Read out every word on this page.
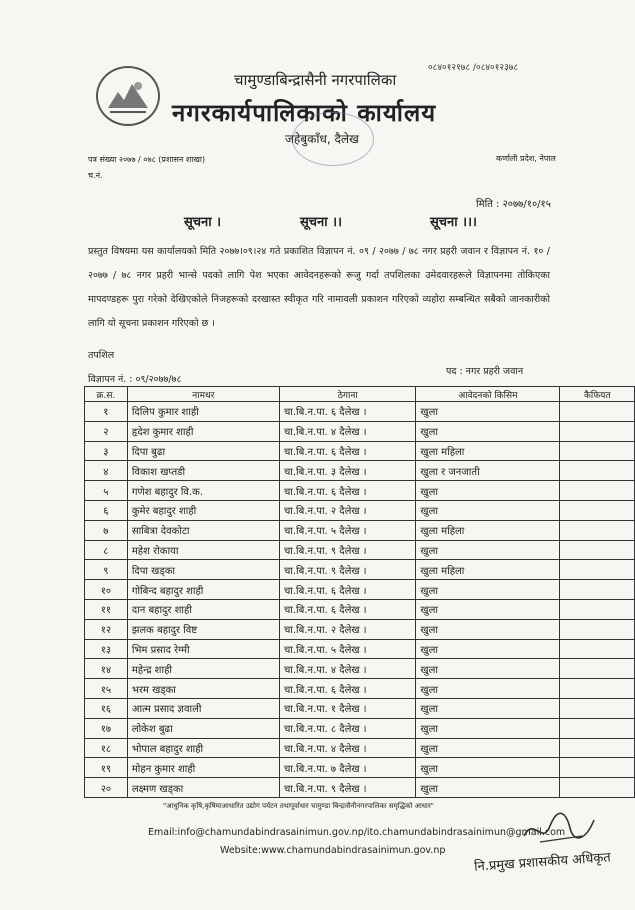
०८४०१२१७८ /०८४०१२३७८
चामुण्डाबिन्द्रासैनी नगरपालिका
नगरकार्यपालिकाको कार्यालय
जहेबुकाँध, दैलेख
पत्र संख्या २०७७ / ०७८ (प्रशासन शाखा)
च.नं.
कर्णाली प्रदेश, नेपाल
मिति : २०७७/१०/१५
सूचना ।	सूचना ।।	सूचना ।।।
प्रस्तुत विषयमा यस कार्यालयको मिति २०७७।०९।२४ गते प्रकाशित विज्ञापन नं. ०९ / २०७७ / ७८ नगर प्रहरी जवान र विज्ञापन नं. १० / २०७७ / ७८ नगर प्रहरी भान्से पदको लागि पेश भएका आवेदनहरूको रूजु गर्दा तपशिलका उमेदवारहरूले विज्ञापनमा तोकिएका मापदण्डहरू पुरा गरेको देखिएकोले निजहरूको दरखास्त स्वीकृत गरि नामावली प्रकाशन गरिएको व्यहोरा सम्बन्धित सबैको जानकारीको लागि यो सूचना प्रकाशन गरिएको छ ।
तपशिल
पद : नगर प्रहरी जवान
विज्ञापन नं. : ०९/२०७७/७८
क्र.स.	नामथर	ठेगाना	आवेदनको किसिम	कैफियत
१	दिलिप कुमार शाही	चा.बि.न.पा. ६ दैलेख ।	खुला	
२	हृदेश कुमार शाही	चा.बि.न.पा. ४ दैलेख ।	खुला	
३	दिपा बुढा	चा.बि.न.पा. ६ दैलेख ।	खुला महिला	
४	विकाश खप्तडी	चा.बि.न.पा. ३ दैलेख ।	खुला र जनजाती	
५	गणेश बहादुर वि.क.	चा.बि.न.पा. ६ दैलेख ।	खुला	
६	कुमेर बहादुर शाही	चा.बि.न.पा. २ दैलेख ।	खुला	
७	साबित्रा देवकोटा	चा.बि.न.पा. ५ दैलेख ।	खुला महिला	
८	महेश रोकाया	चा.बि.न.पा. ९ दैलेख ।	खुला	
९	दिपा खड्का	चा.बि.न.पा. ९ दैलेख ।	खुला महिला	
१०	गोबिन्द बहादुर शाही	चा.बि.न.पा. ६ दैलेख ।	खुला	
११	दान बहादुर शाही	चा.बि.न.पा. ६ दैलेख ।	खुला	
१२	झलक बहादुर विष्ट	चा.बि.न.पा. २ दैलेख ।	खुला	
१३	भिम प्रसाद रेग्मी	चा.बि.न.पा. ५ दैलेख ।	खुला	
१४	महेन्द्र शाही	चा.बि.न.पा. ४ दैलेख ।	खुला	
१५	भरम खड्का	चा.बि.न.पा. ६ दैलेख ।	खुला	
१६	आत्म प्रसाद ज्ञवाली	चा.बि.न.पा. १ दैलेख ।	खुला	
१७	लोकेश बुढा	चा.बि.न.पा. ८ दैलेख ।	खुला	
१८	भोपाल बहादुर शाही	चा.बि.न.पा. ४ दैलेख ।	खुला	
१९	मोहन कुमार शाही	चा.बि.न.पा. ७ दैलेख ।	खुला	
२०	लक्ष्मण खड्का	चा.बि.न.पा. ९ दैलेख ।	खुला	
"आधुनिक कृषि,कृषिमाआधारित उद्योग पर्यटन तथापूर्वाधार चामुण्डा बिन्द्रासैनीनगरपालिका समृद्धिको आधार"
Email:info@chamundabindrasainimun.gov.np/ito.chamundabindrasainimun@gmail.com
Website:www.chamundabindrasainimun.gov.np नि.प्रमुख प्रशासकीय अधिकृत
